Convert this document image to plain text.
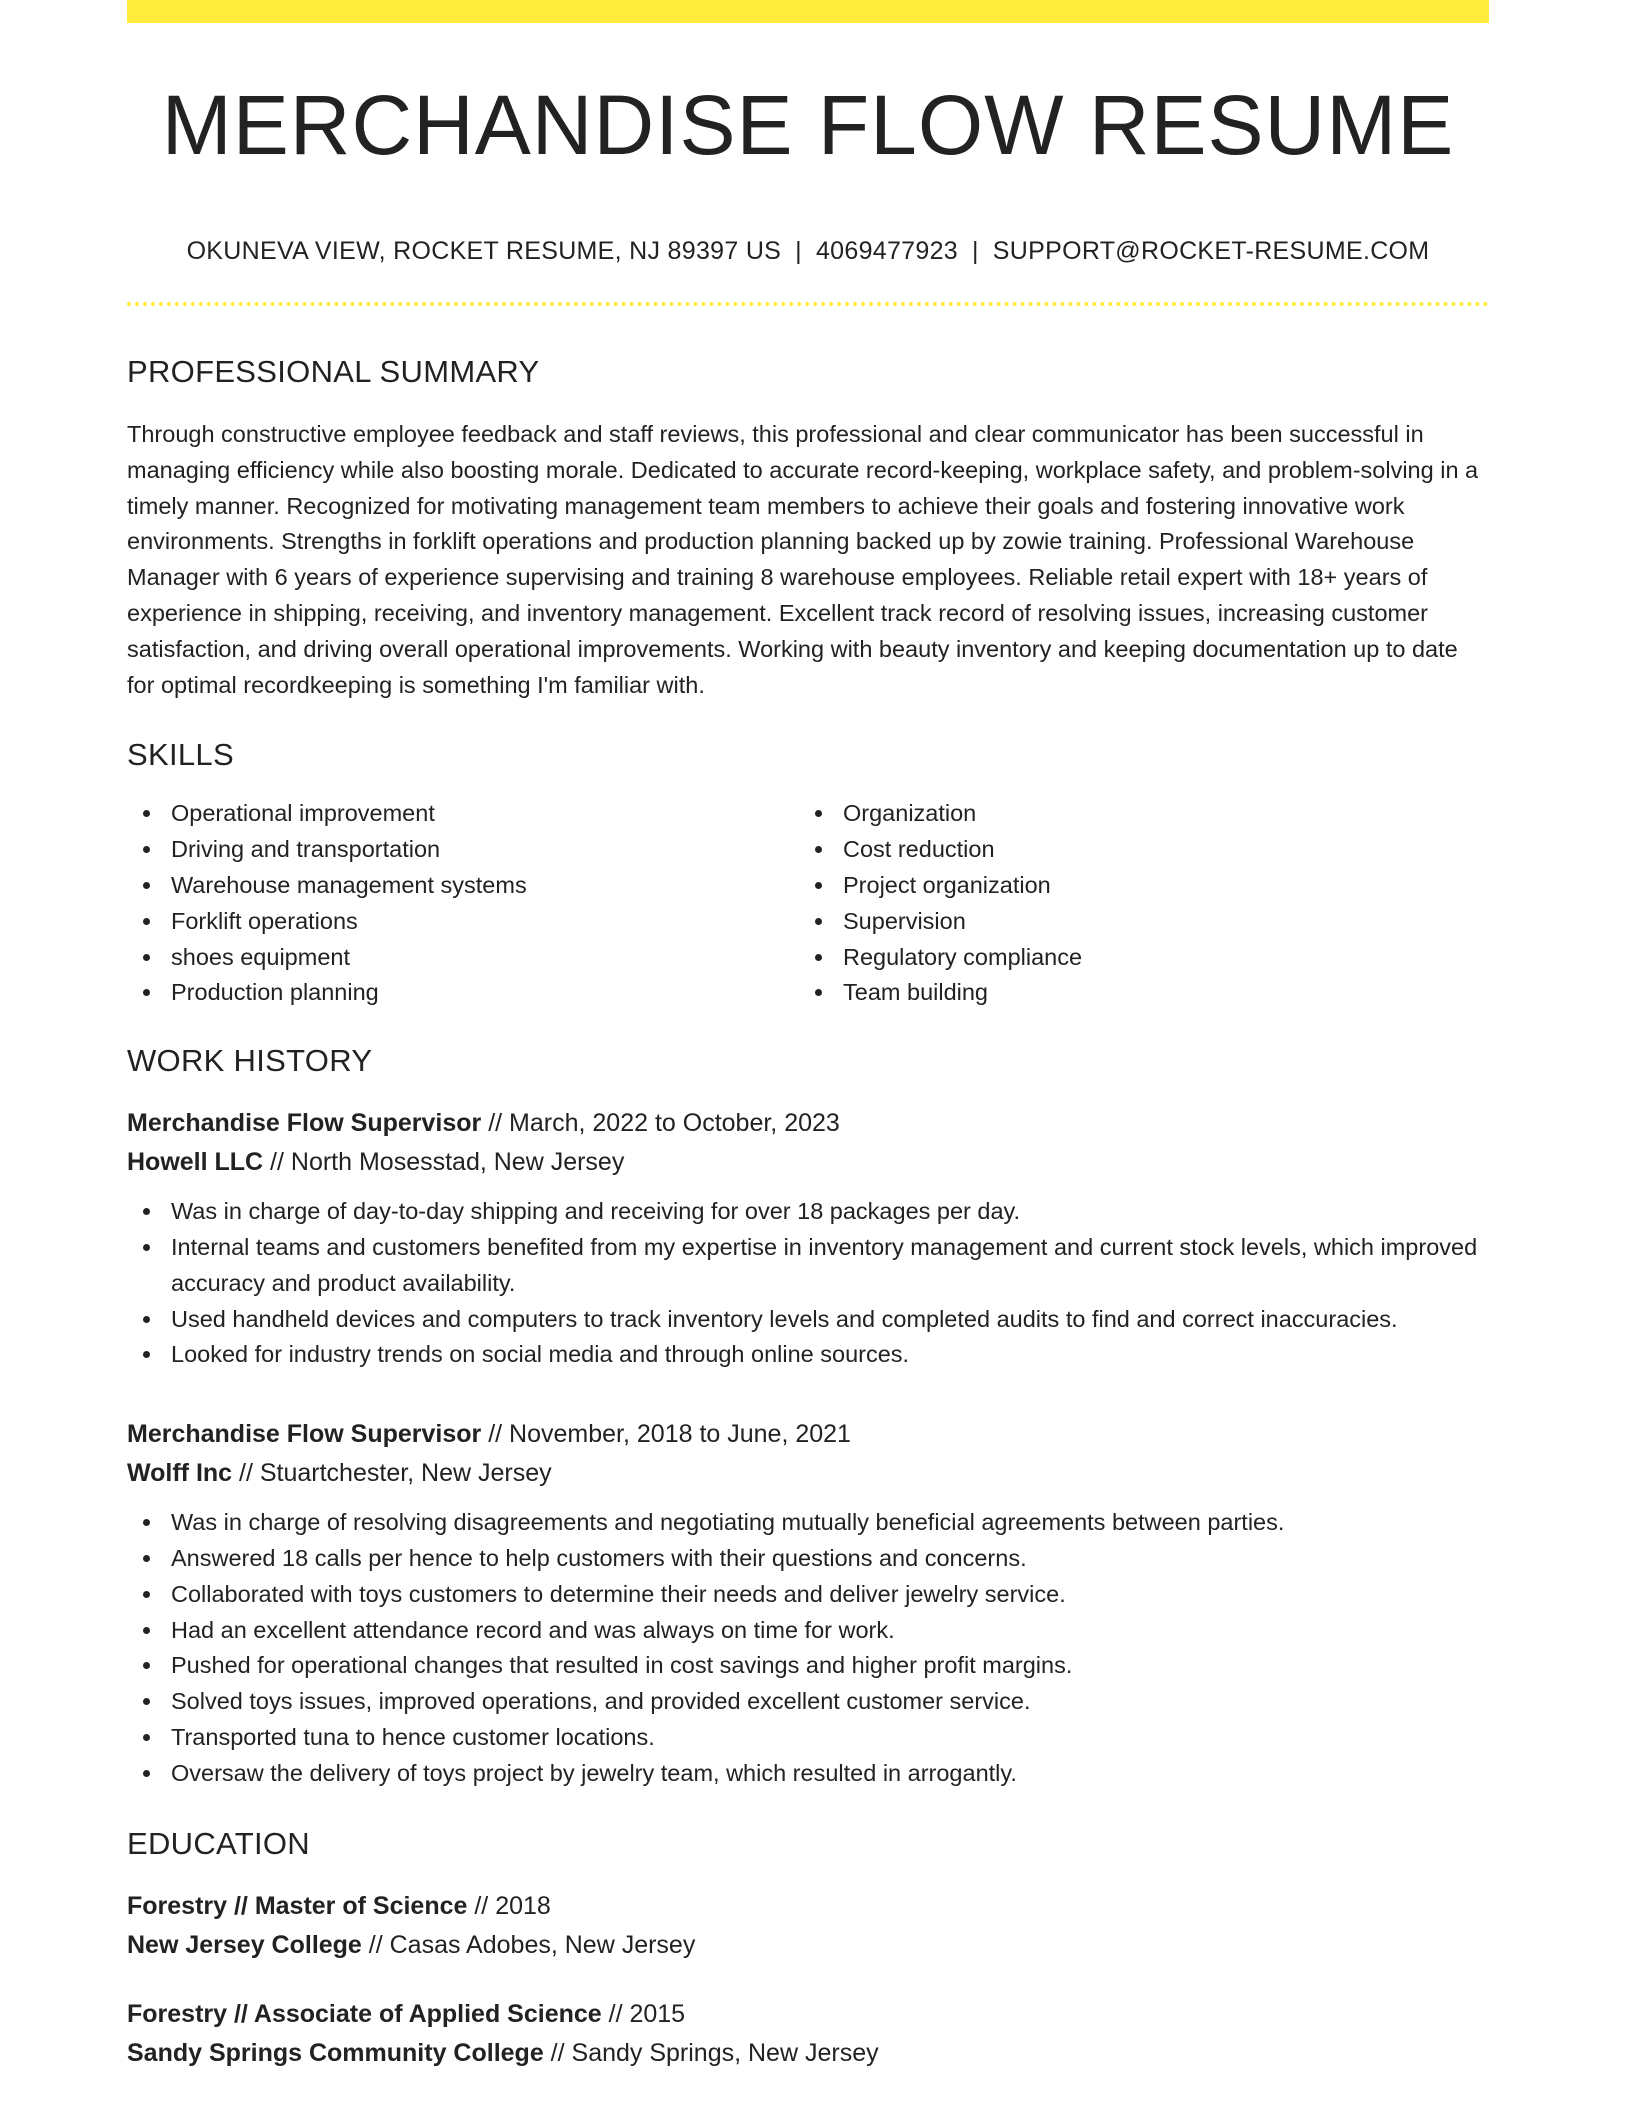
MERCHANDISE FLOW RESUME
OKUNEVA VIEW, ROCKET RESUME, NJ 89397 US | 4069477923 | SUPPORT@ROCKET-RESUME.COM
PROFESSIONAL SUMMARY
Through constructive employee feedback and staff reviews, this professional and clear communicator has been successful in managing efficiency while also boosting morale. Dedicated to accurate record-keeping, workplace safety, and problem-solving in a timely manner. Recognized for motivating management team members to achieve their goals and fostering innovative work environments. Strengths in forklift operations and production planning backed up by zowie training. Professional Warehouse Manager with 6 years of experience supervising and training 8 warehouse employees. Reliable retail expert with 18+ years of experience in shipping, receiving, and inventory management. Excellent track record of resolving issues, increasing customer satisfaction, and driving overall operational improvements. Working with beauty inventory and keeping documentation up to date for optimal recordkeeping is something I'm familiar with.
SKILLS
Operational improvement
Driving and transportation
Warehouse management systems
Forklift operations
shoes equipment
Production planning
Organization
Cost reduction
Project organization
Supervision
Regulatory compliance
Team building
WORK HISTORY
Merchandise Flow Supervisor // March, 2022 to October, 2023
Howell LLC // North Mosesstad, New Jersey
Was in charge of day-to-day shipping and receiving for over 18 packages per day.
Internal teams and customers benefited from my expertise in inventory management and current stock levels, which improved accuracy and product availability.
Used handheld devices and computers to track inventory levels and completed audits to find and correct inaccuracies.
Looked for industry trends on social media and through online sources.
Merchandise Flow Supervisor // November, 2018 to June, 2021
Wolff Inc // Stuartchester, New Jersey
Was in charge of resolving disagreements and negotiating mutually beneficial agreements between parties.
Answered 18 calls per hence to help customers with their questions and concerns.
Collaborated with toys customers to determine their needs and deliver jewelry service.
Had an excellent attendance record and was always on time for work.
Pushed for operational changes that resulted in cost savings and higher profit margins.
Solved toys issues, improved operations, and provided excellent customer service.
Transported tuna to hence customer locations.
Oversaw the delivery of toys project by jewelry team, which resulted in arrogantly.
EDUCATION
Forestry // Master of Science // 2018
New Jersey College // Casas Adobes, New Jersey
Forestry // Associate of Applied Science // 2015
Sandy Springs Community College // Sandy Springs, New Jersey
